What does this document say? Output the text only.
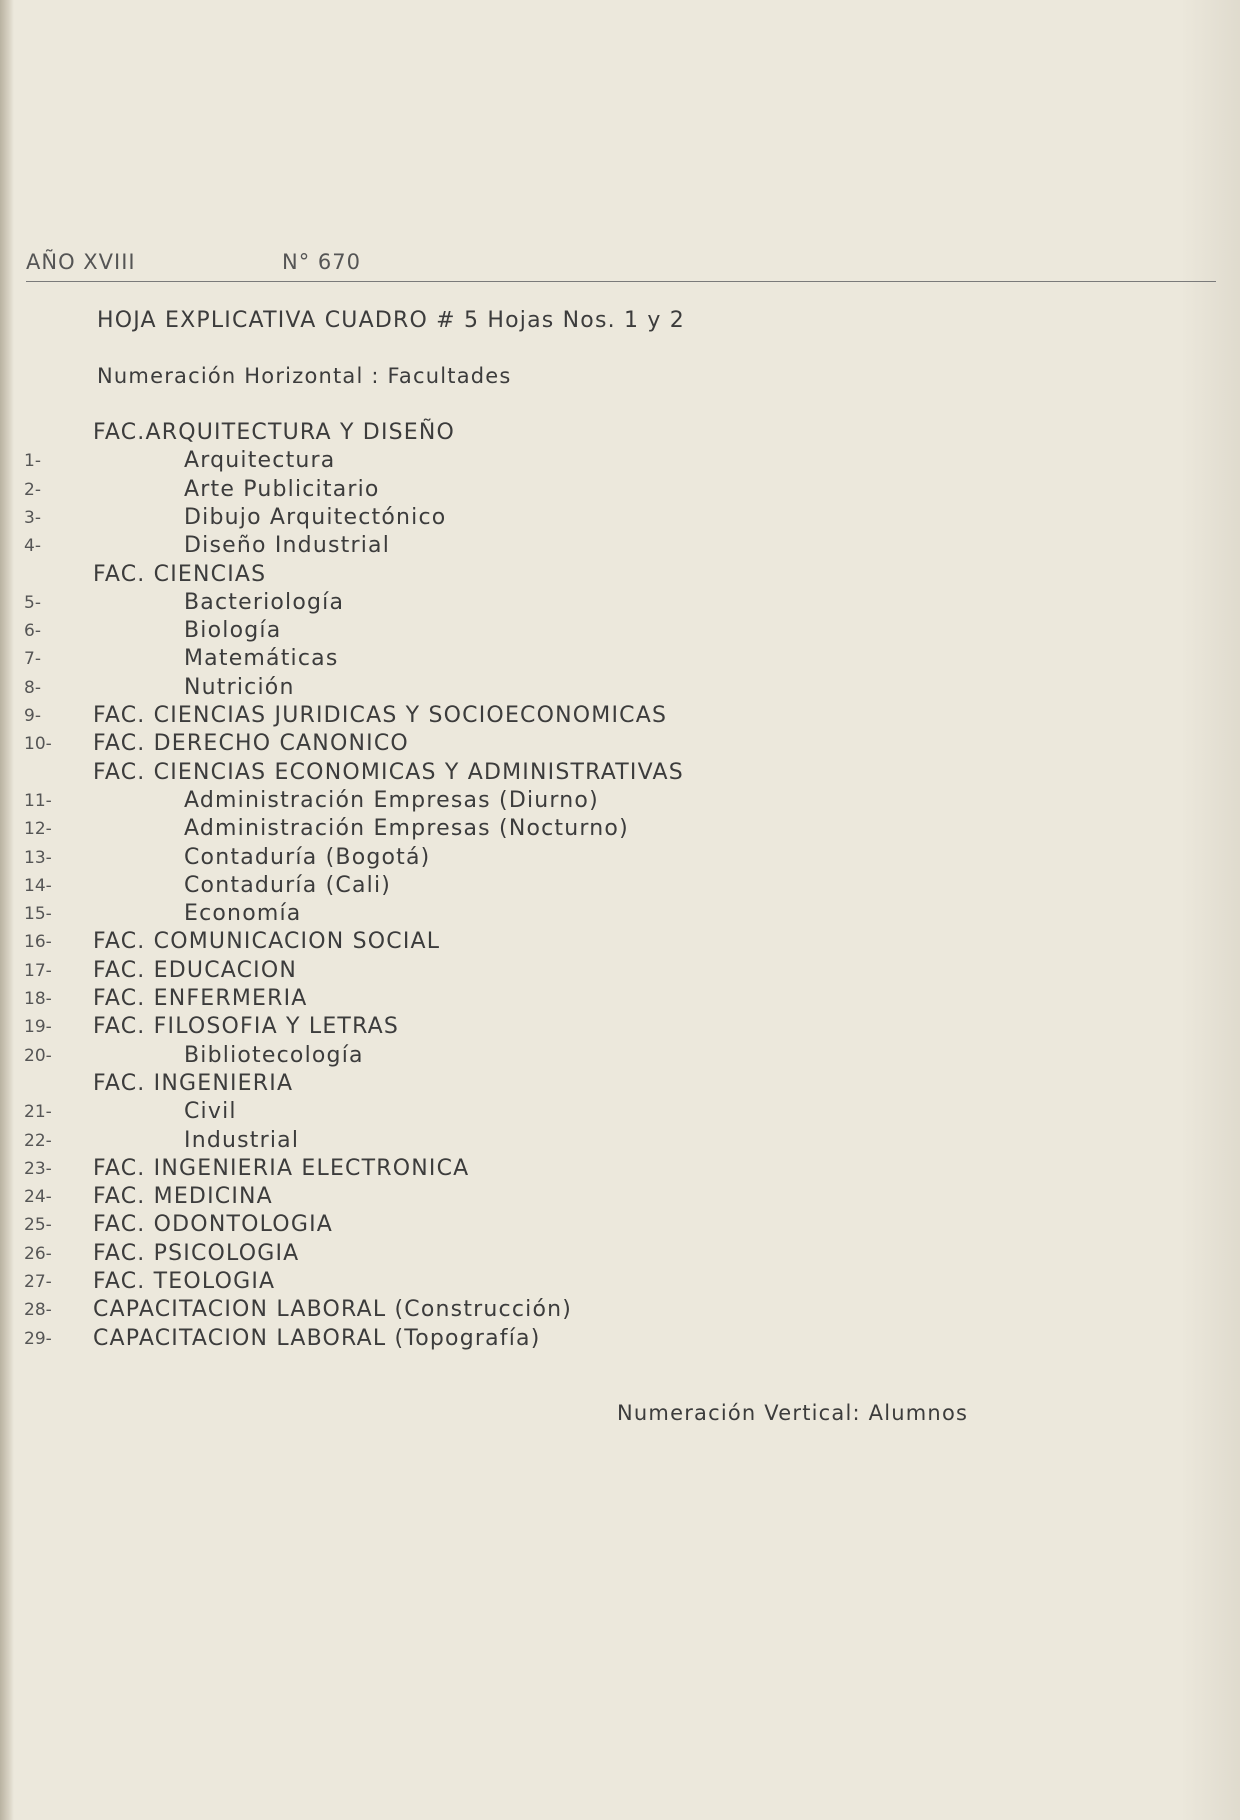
AÑO XVIII	N° 670
HOJA EXPLICATIVA CUADRO # 5 Hojas Nos. 1 y 2
Numeración Horizontal : Facultades
FAC.ARQUITECTURA Y DISEÑO
1-	Arquitectura
2-	Arte Publicitario
3-	Dibujo Arquitectónico
4-	Diseño Industrial
FAC. CIENCIAS
5-	Bacteriología
6-	Biología
7-	Matemáticas
8-	Nutrición
9- FAC. CIENCIAS JURIDICAS Y SOCIOECONOMICAS
10- FAC. DERECHO CANONICO
FAC. CIENCIAS ECONOMICAS Y ADMINISTRATIVAS
11-	Administración Empresas (Diurno)
12-	Administración Empresas (Nocturno)
13-	Contaduría (Bogotá)
14-	Contaduría (Cali)
15-	Economía
16- FAC. COMUNICACION SOCIAL
17- FAC. EDUCACION
18- FAC. ENFERMERIA
19- FAC. FILOSOFIA Y LETRAS
20-	Bibliotecología
FAC. INGENIERIA
21-	Civil
22-	Industrial
23- FAC. INGENIERIA ELECTRONICA
24- FAC. MEDICINA
25- FAC. ODONTOLOGIA
26- FAC. PSICOLOGIA
27- FAC. TEOLOGIA
28- CAPACITACION LABORAL (Construcción)
29- CAPACITACION LABORAL (Topografía)
Numeración Vertical: Alumnos
